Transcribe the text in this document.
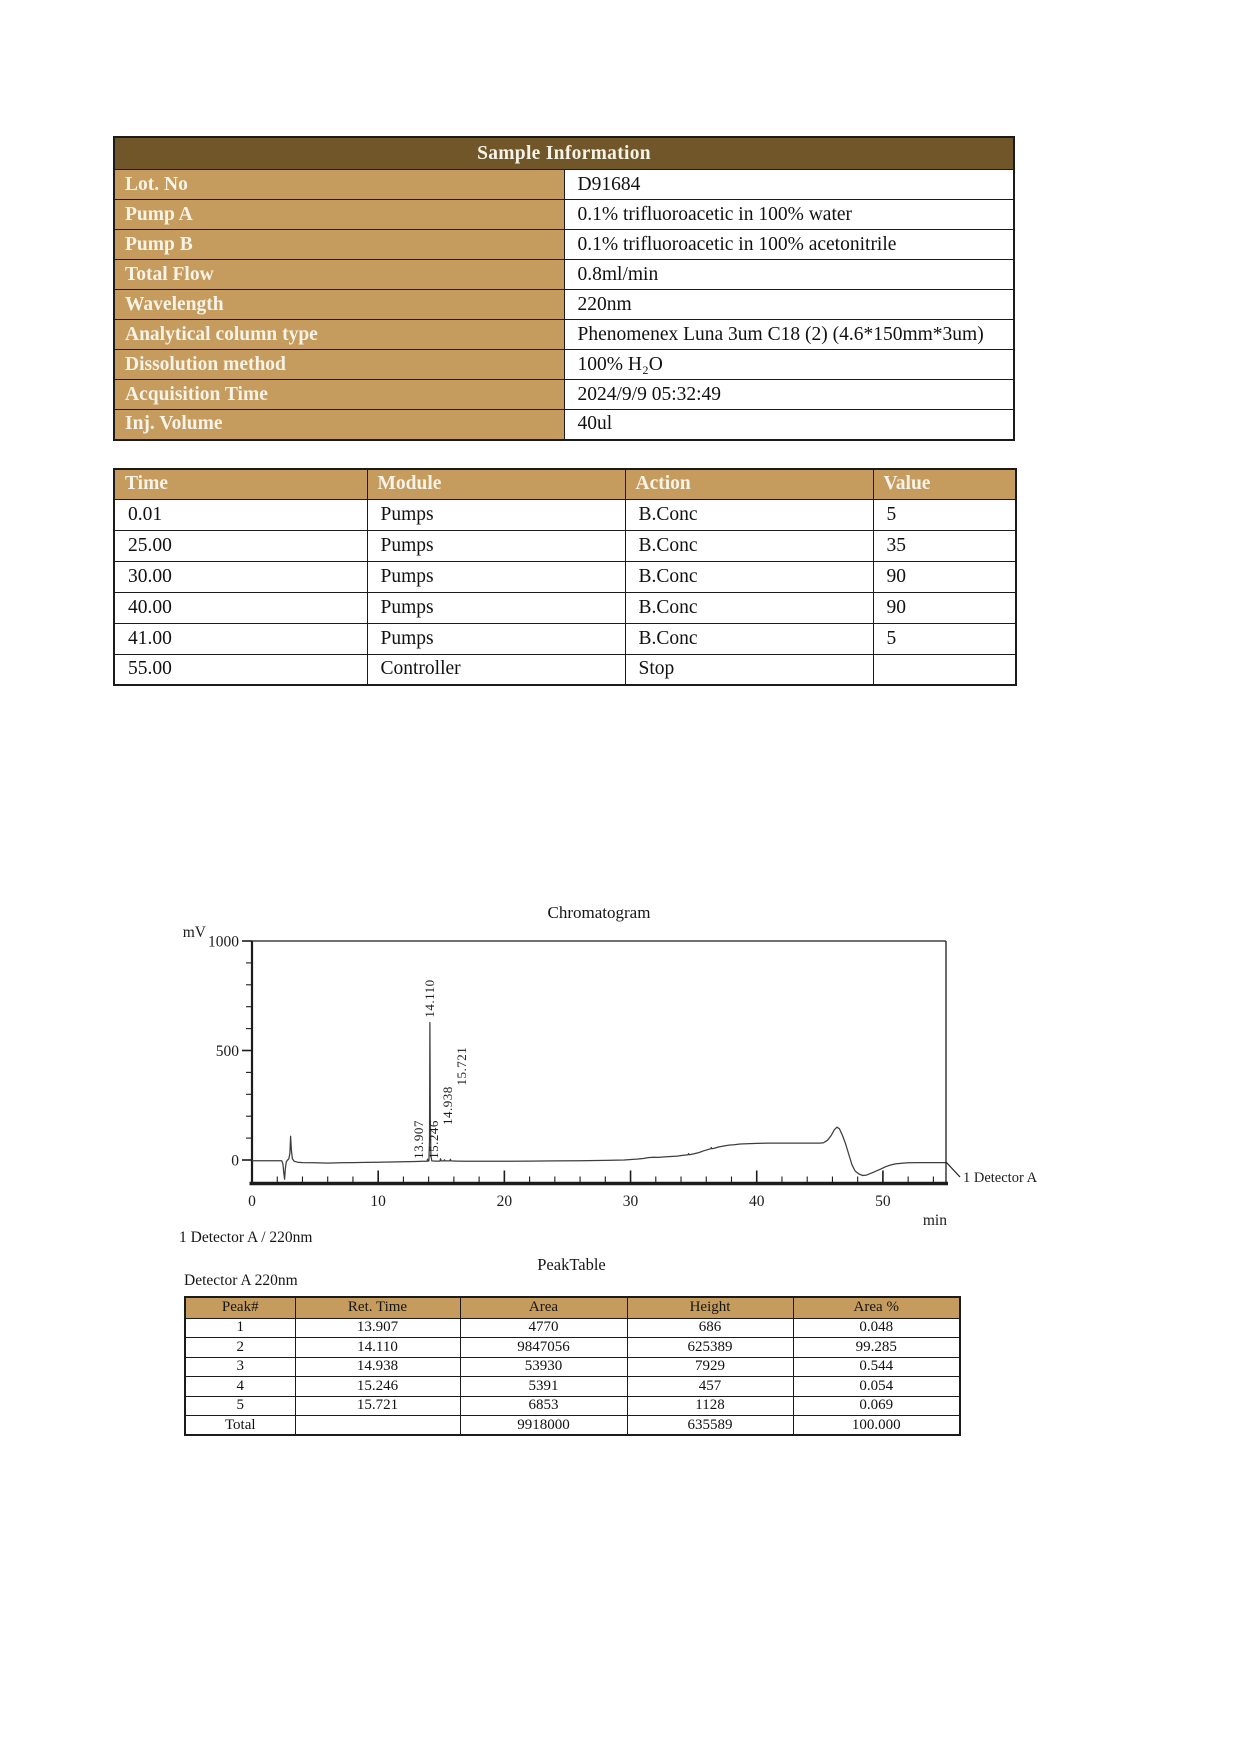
Sample Information	
Lot. No	D91684
Pump A	0.1% trifluoroacetic in 100% water
Pump B	0.1% trifluoroacetic in 100% acetonitrile
Total Flow	0.8ml/min
Wavelength	220nm
Analytical column type	Phenomenex Luna 3um C18 (2) (4.6*150mm*3um)
Dissolution method	100% H₂O
Acquisition Time	2024/9/9 05:32:49
Inj. Volume	40ul
Time	Module	Action	Value
0.01	Pumps	B.Conc	5
25.00	Pumps	B.Conc	35
30.00	Pumps	B.Conc	90
40.00	Pumps	B.Conc	90
41.00	Pumps	B.Conc	5
55.00	Controller	Stop	
Chromatogram
0
500
1000
0	10	20	30	40	50
mV
min
13.907 15.246
14.938
15.721
14.110
1 Detector A
1 Detector A / 220nm
PeakTable
Detector A 220nm
Peak#	Ret. Time	Area	Height	Area %
1	13.907	4770	686	0.048
2	14.110	9847056	625389	99.285
3	14.938	53930	7929	0.544
4	15.246	5391	457	0.054
5	15.721	6853	1128	0.069
Total		9918000	635589	100.000
